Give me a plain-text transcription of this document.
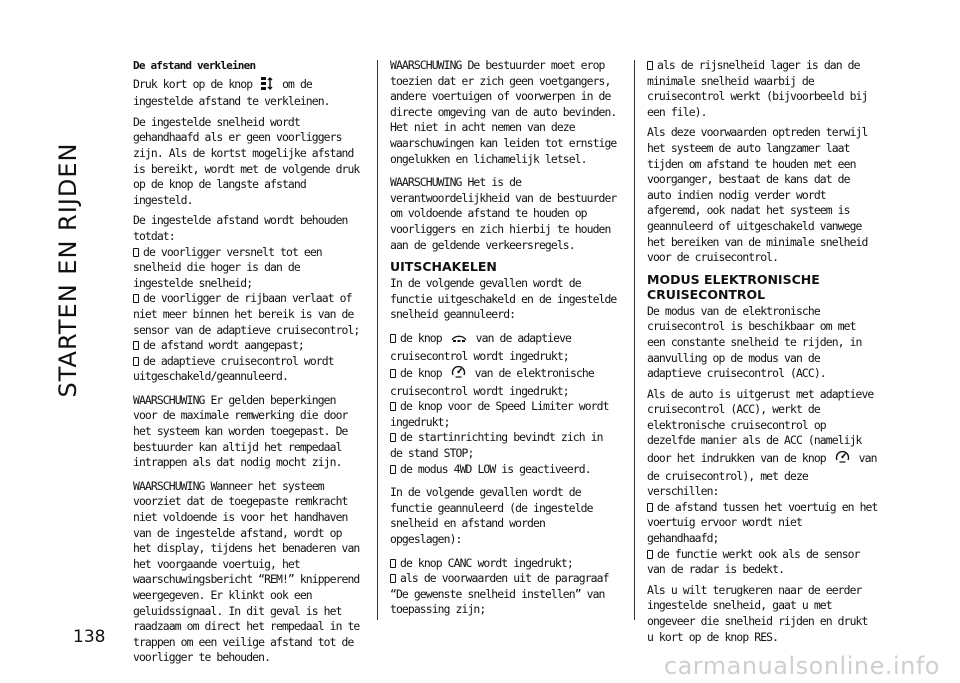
STARTEN EN RIJDEN
138
De afstand verkleinen

Druk kort op de knop	om de ingestelde afstand te verkleinen.

De ingestelde snelheid wordt gehandhaafd als er geen voorliggers zijn. Als de kortst mogelijke afstand is bereikt, wordt met de volgende druk op de knop de langste afstand ingesteld.

De ingestelde afstand wordt behouden totdat:

de voorligger versnelt tot een snelheid die hoger is dan de ingestelde snelheid;

de voorligger de rijbaan verlaat of niet meer binnen het bereik is van de sensor van de adaptieve cruisecontrol;

de afstand wordt aangepast;

de adaptieve cruisecontrol wordt uitgeschakeld/geannuleerd.

WAARSCHUWING Er gelden beperkingen voor de maximale remwerking die door het systeem kan worden toegepast. De bestuurder kan altijd het rempedaal intrappen als dat nodig mocht zijn.

WAARSCHUWING Wanneer het systeem voorziet dat de toegepaste remkracht niet voldoende is voor het handhaven van de ingestelde afstand, wordt op het display, tijdens het benaderen van het voorgaande voertuig, het waarschuwingsbericht “REM!” knipperend weergegeven. Er klinkt ook een geluidssignaal. In dit geval is het raadzaam om direct het rempedaal in te trappen om een veilige afstand tot de voorligger te behouden.

WAARSCHUWING De bestuurder moet erop toezien dat er zich geen voetgangers, andere voertuigen of voorwerpen in de directe omgeving van de auto bevinden. Het niet in acht nemen van deze waarschuwingen kan leiden tot ernstige ongelukken en lichamelijk letsel.

WAARSCHUWING Het is de verantwoordelijkheid van de bestuurder om voldoende afstand te houden op voorliggers en zich hierbij te houden aan de geldende verkeersregels.

UITSCHAKELEN

In de volgende gevallen wordt de functie uitgeschakeld en de ingestelde snelheid geannuleerd:

de knop	van de adaptieve cruisecontrol wordt ingedrukt;

de knop	van de elektronische cruisecontrol wordt ingedrukt;

de knop voor de Speed Limiter wordt ingedrukt;

de startinrichting bevindt zich in de stand STOP;

de modus 4WD LOW is geactiveerd.

In de volgende gevallen wordt de functie geannuleerd (de ingestelde snelheid en afstand worden opgeslagen):

de knop CANC wordt ingedrukt;

als de voorwaarden uit de paragraaf “De gewenste snelheid instellen” van toepassing zijn;

als de rijsnelheid lager is dan de minimale snelheid waarbij de cruisecontrol werkt (bijvoorbeeld bij een file).

Als deze voorwaarden optreden terwijl het systeem de auto langzamer laat tijden om afstand te houden met een voorganger, bestaat de kans dat de auto indien nodig verder wordt afgeremd, ook nadat het systeem is geannuleerd of uitgeschakeld vanwege het bereiken van de minimale snelheid voor de cruisecontrol.

MODUS ELEKTRONISCHE CRUISECONTROL

De modus van de elektronische cruisecontrol is beschikbaar om met een constante snelheid te rijden, in aanvulling op de modus van de adaptieve cruisecontrol (ACC).

Als de auto is uitgerust met adaptieve cruisecontrol (ACC), werkt de elektronische cruisecontrol op dezelfde manier als de ACC (namelijk door het indrukken van de knop	van de cruisecontrol), met deze verschillen:

de afstand tussen het voertuig en het voertuig ervoor wordt niet gehandhaafd;

de functie werkt ook als de sensor van de radar is bedekt.

Als u wilt terugkeren naar de eerder ingestelde snelheid, gaat u met ongeveer die snelheid rijden en drukt u kort op de knop RES.

carmanualsonline.info
